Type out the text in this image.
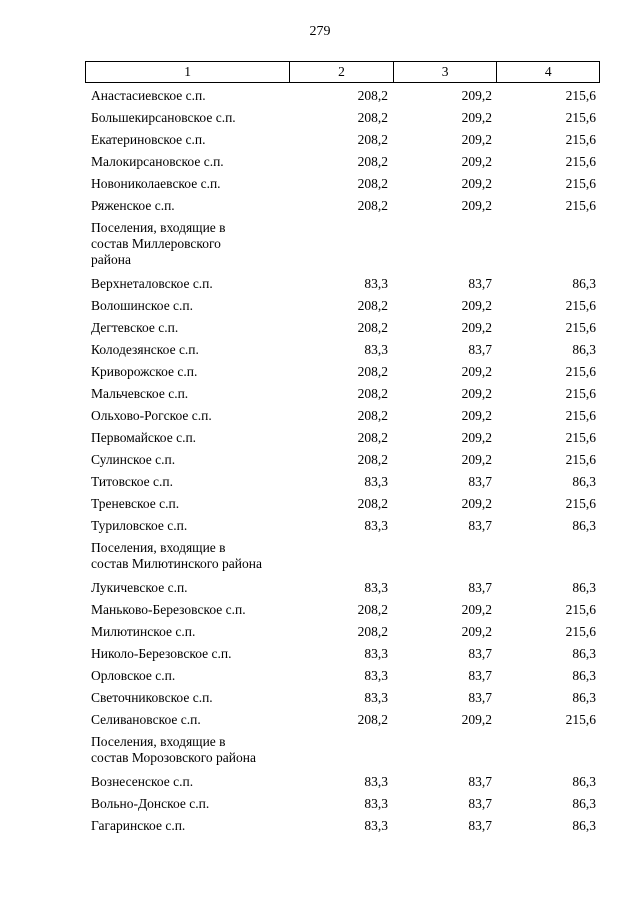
279
1	2	3	4
Анастасиевское с.п.	208,2	209,2	215,6
Большекирсановское с.п.	208,2	209,2	215,6
Екатериновское с.п.	208,2	209,2	215,6
Малокирсановское с.п.	208,2	209,2	215,6
Новониколаевское с.п.	208,2	209,2	215,6
Ряженское с.п.	208,2	209,2	215,6
Поселения, входящие в
состав Миллеровского
района
Верхнеталовское с.п.	83,3	83,7	86,3
Волошинское с.п.	208,2	209,2	215,6
Дегтевское с.п.	208,2	209,2	215,6
Колодезянское с.п.	83,3	83,7	86,3
Криворожское с.п.	208,2	209,2	215,6
Мальчевское с.п.	208,2	209,2	215,6
Ольхово-Рогское с.п.	208,2	209,2	215,6
Первомайское с.п.	208,2	209,2	215,6
Сулинское с.п.	208,2	209,2	215,6
Титовское с.п.	83,3	83,7	86,3
Треневское с.п.	208,2	209,2	215,6
Туриловское с.п.	83,3	83,7	86,3
Поселения, входящие в
состав Милютинского района
Лукичевское с.п.	83,3	83,7	86,3
Маньково-Березовское с.п.	208,2	209,2	215,6
Милютинское с.п.	208,2	209,2	215,6
Николо-Березовское с.п.	83,3	83,7	86,3
Орловское с.п.	83,3	83,7	86,3
Светочниковское с.п.	83,3	83,7	86,3
Селивановское с.п.	208,2	209,2	215,6
Поселения, входящие в
состав Морозовского района
Вознесенское с.п.	83,3	83,7	86,3
Вольно-Донское с.п.	83,3	83,7	86,3
Гагаринское с.п.	83,3	83,7	86,3
